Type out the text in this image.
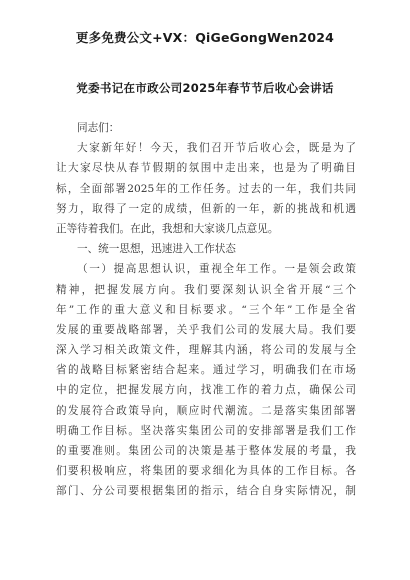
更多免费公文+VX：QiGeGongWen2024
党委书记在市政公司2025年春节节后收心会讲话
同志们：
大家新年好！今天，我们召开节后收心会，既是为了
让大家尽快从春节假期的氛围中走出来，也是为了明确目
标，全面部署2025年的工作任务。过去的一年，我们共同
努力，取得了一定的成绩，但新的一年，新的挑战和机遇
正等待着我们。在此，我想和大家谈几点意见。
一、统一思想，迅速进入工作状态
（一）提高思想认识，重视全年工作。一是领会政策
精神，把握发展方向。我们要深刻认识全省开展“三个
年”工作的重大意义和目标要求。“三个年”工作是全省
发展的重要战略部署，关乎我们公司的发展大局。我们要
深入学习相关政策文件，理解其内涵，将公司的发展与全
省的战略目标紧密结合起来。通过学习，明确我们在市场
中的定位，把握发展方向，找准工作的着力点，确保公司
的发展符合政策导向，顺应时代潮流。二是落实集团部署
明确工作目标。坚决落实集团公司的安排部署是我们工作
的重要准则。集团公司的决策是基于整体发展的考量，我
们要积极响应，将集团的要求细化为具体的工作目标。各
部门、分公司要根据集团的指示，结合自身实际情况，制
